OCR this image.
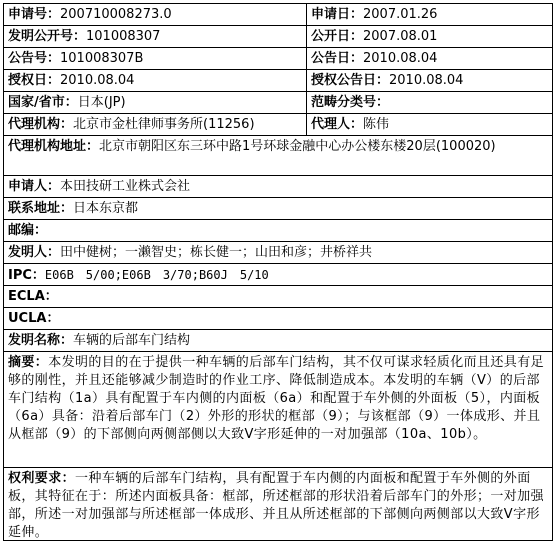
申请号：200710008273.0	申请日：2007.01.26
发明公开号：101008307	公开日：2007.08.01
公告号：101008307B	公告日：2010.08.04
授权日：2010.08.04	授权公告日：2010.08.04
国家/省市：日本(JP)	范畴分类号：
代理机构：北京市金杜律师事务所(11256)	代理人：陈伟
代理机构地址：北京市朝阳区东三环中路1号环球金融中心办公楼东楼20层(100020)
申请人：本田技研工业株式会社
联系地址：日本东京都
邮编：
发明人：田中健树；一濑智史；栋长健一；山田和彦；井桥祥共
IPC：E06B　5/00;E06B　3/70;B60J　5/10
ECLA：
UCLA：
发明名称：车辆的后部车门结构
摘要：本发明的目的在于提供一种车辆的后部车门结构，其不仅可谋求轻质化而且还具有足够的刚性，并且还能够减少制造时的作业工序、降低制造成本。本发明的车辆（V）的后部车门结构（1a）具有配置于车内侧的内面板（6a）和配置于车外侧的外面板（5），内面板（6a）具备：沿着后部车门（2）外形的形状的框部（9）；与该框部（9）一体成形、并且从框部（9）的下部侧向两侧部侧以大致V字形延伸的一对加强部（10a、10b）。
权利要求：一种车辆的后部车门结构，具有配置于车内侧的内面板和配置于车外侧的外面板，其特征在于：所述内面板具备：框部，所述框部的形状沿着后部车门的外形；一对加强部，所述一对加强部与所述框部一体成形、并且从所述框部的下部侧向两侧部以大致V字形延伸。
